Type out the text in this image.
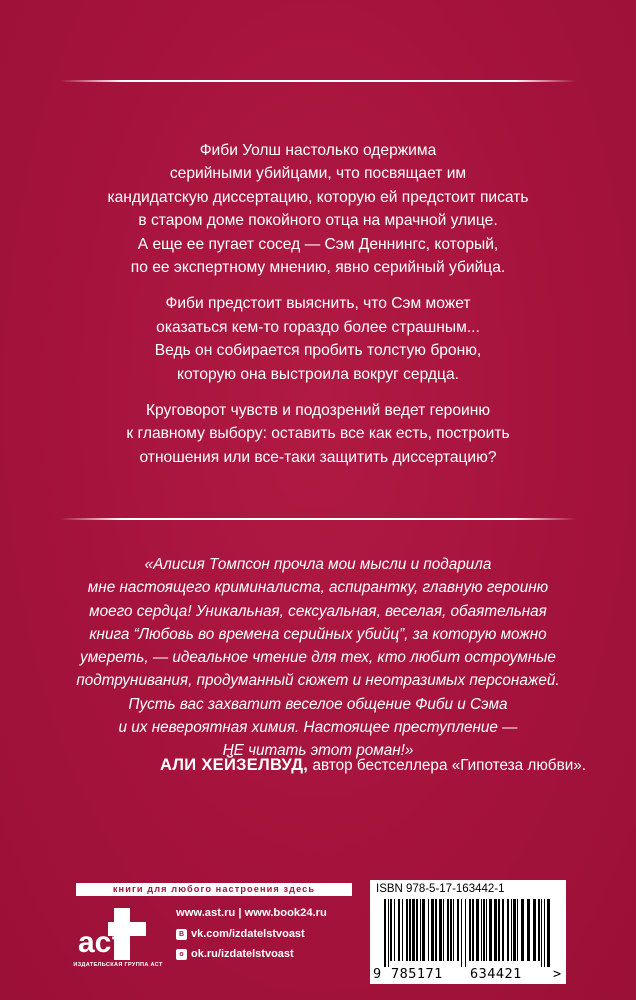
Фиби Уолш настолько одержима
серийными убийцами, что посвящает им
кандидатскую диссертацию, которую ей предстоит писать
в старом доме покойного отца на мрачной улице.
А еще ее пугает сосед — Сэм Деннингс, который,
по ее экспертному мнению, явно серийный убийца.

Фиби предстоит выяснить, что Сэм может
оказаться кем-то гораздо более страшным...
Ведь он собирается пробить толстую броню,
которую она выстроила вокруг сердца.

Круговорот чувств и подозрений ведет героиню
к главному выбору: оставить все как есть, построить
отношения или все-таки защитить диссертацию?

«Алисия Томпсон прочла мои мысли и подарила
мне настоящего криминалиста, аспирантку, главную героиню
моего сердца! Уникальная, сексуальная, веселая, обаятельная
книга “Любовь во времена серийных убийц”, за которую можно
умереть, — идеальное чтение для тех, кто любит остроумные
подтрунивания, продуманный сюжет и неотразимых персонажей.
Пусть вас захватит веселое общение Фиби и Сэма
и их невероятная химия. Настоящее преступление —
НЕ читать этот роман!»
АЛИ ХЕЙЗЕЛВУД, автор бестселлера «Гипотеза любви».
книги для любого настроения здесь
аст
ИЗДАТЕЛЬСКАЯ ГРУППА АСТ
www.ast.ru | www.book24.ru
B vk.com/izdatelstvoast
o ok.ru/izdatelstvoast
ISBN 978-5-17-163442-1
9 785171 634421 >
